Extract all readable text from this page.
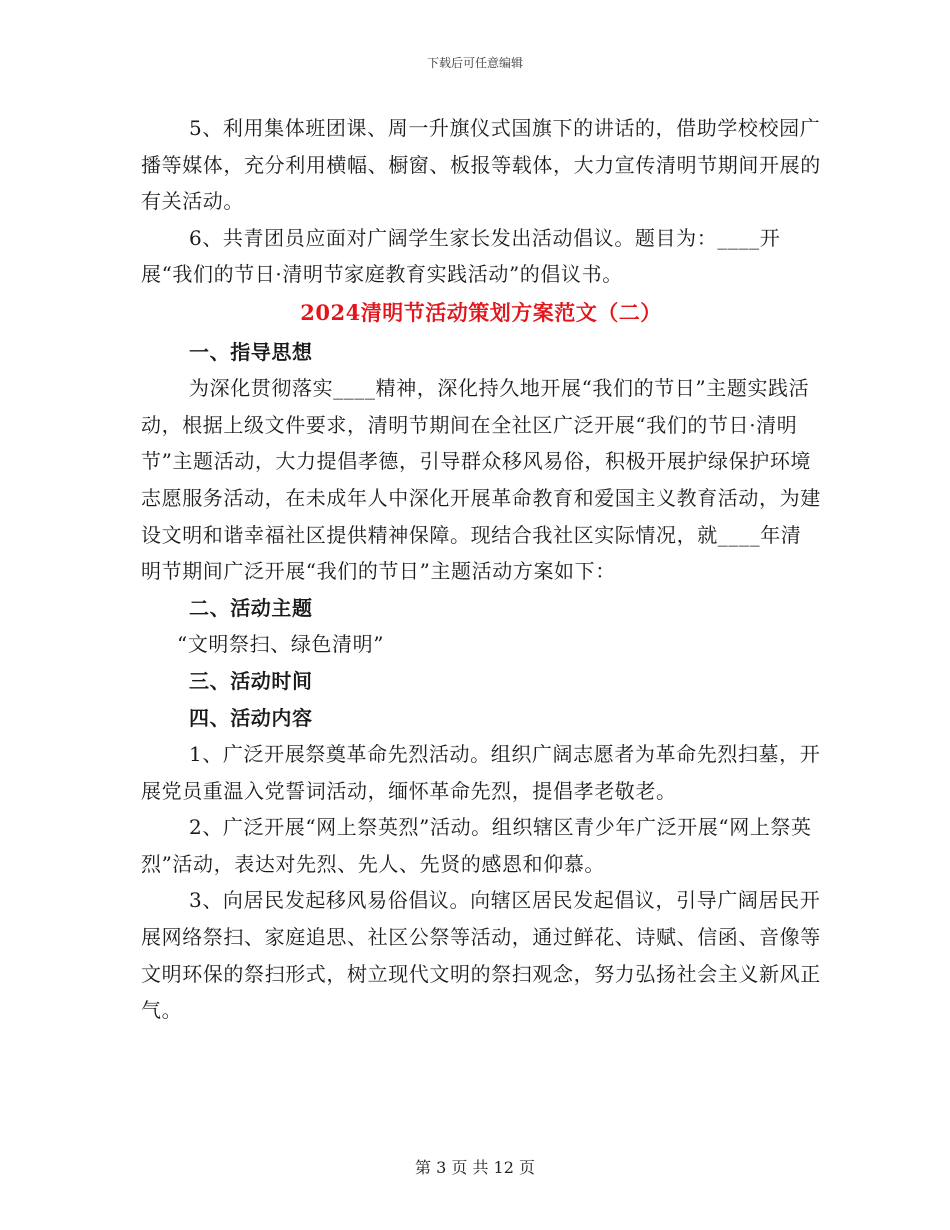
下载后可任意编辑

5、利用集体班团课、周一升旗仪式国旗下的讲话的，借助学校校园广播等媒体，充分利用横幅、橱窗、板报等载体，大力宣传清明节期间开展的有关活动。

6、共青团员应面对广阔学生家长发出活动倡议。题目为：____开展“我们的节日·清明节家庭教育实践活动”的倡议书。

2024清明节活动策划方案范文（二）

一、指导思想

为深化贯彻落实____精神，深化持久地开展“我们的节日”主题实践活动，根据上级文件要求，清明节期间在全社区广泛开展“我们的节日·清明节”主题活动，大力提倡孝德，引导群众移风易俗，积极开展护绿保护环境志愿服务活动，在未成年人中深化开展革命教育和爱国主义教育活动，为建设文明和谐幸福社区提供精神保障。现结合我社区实际情况，就____年清明节期间广泛开展“我们的节日”主题活动方案如下：

二、活动主题

“文明祭扫、绿色清明”

三、活动时间

四、活动内容

1、广泛开展祭奠革命先烈活动。组织广阔志愿者为革命先烈扫墓，开展党员重温入党誓词活动，缅怀革命先烈，提倡孝老敬老。

2、广泛开展“网上祭英烈”活动。组织辖区青少年广泛开展“网上祭英烈”活动，表达对先烈、先人、先贤的感恩和仰慕。

3、向居民发起移风易俗倡议。向辖区居民发起倡议，引导广阔居民开展网络祭扫、家庭追思、社区公祭等活动，通过鲜花、诗赋、信函、音像等文明环保的祭扫形式，树立现代文明的祭扫观念，努力弘扬社会主义新风正气。

第 3 页 共 12 页
